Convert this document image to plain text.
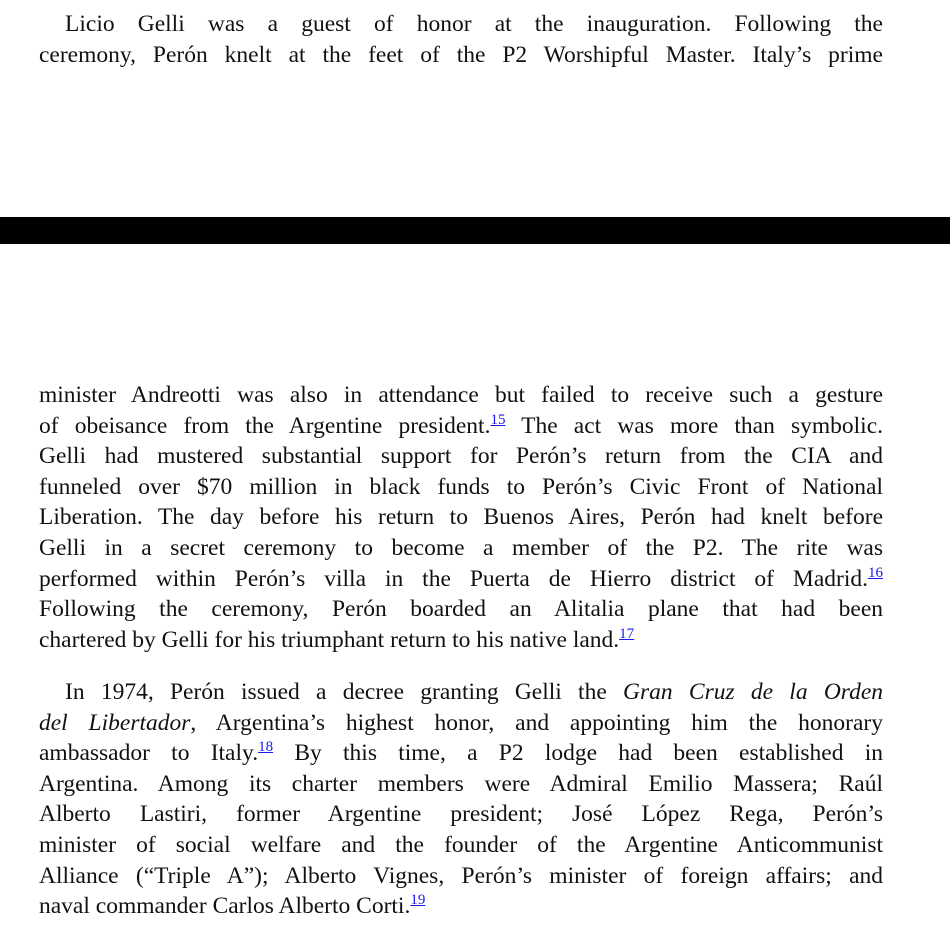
Licio Gelli was a guest of honor at the inauguration. Following the
ceremony, Perón knelt at the feet of the P2 Worshipful Master. Italy’s prime

minister Andreotti was also in attendance but failed to receive such a gesture
of obeisance from the Argentine president.$^{15}$ The act was more than symbolic.
Gelli had mustered substantial support for Perón’s return from the CIA and
funneled over $70 million in black funds to Perón’s Civic Front of National
Liberation. The day before his return to Buenos Aires, Perón had knelt before
Gelli in a secret ceremony to become a member of the P2. The rite was
performed within Perón’s villa in the Puerta de Hierro district of Madrid.$^{16}$
Following the ceremony, Perón boarded an Alitalia plane that had been
chartered by Gelli for his triumphant return to his native land.$^{17}$

In 1974, Perón issued a decree granting Gelli the Gran Cruz de la Orden
del Libertador, Argentina’s highest honor, and appointing him the honorary
ambassador to Italy.$^{18}$ By this time, a P2 lodge had been established in
Argentina. Among its charter members were Admiral Emilio Massera; Raúl
Alberto Lastiri, former Argentine president; José López Rega, Perón’s
minister of social welfare and the founder of the Argentine Anticommunist
Alliance (“Triple A”); Alberto Vignes, Perón’s minister of foreign affairs; and
naval commander Carlos Alberto Corti.$^{19}$
